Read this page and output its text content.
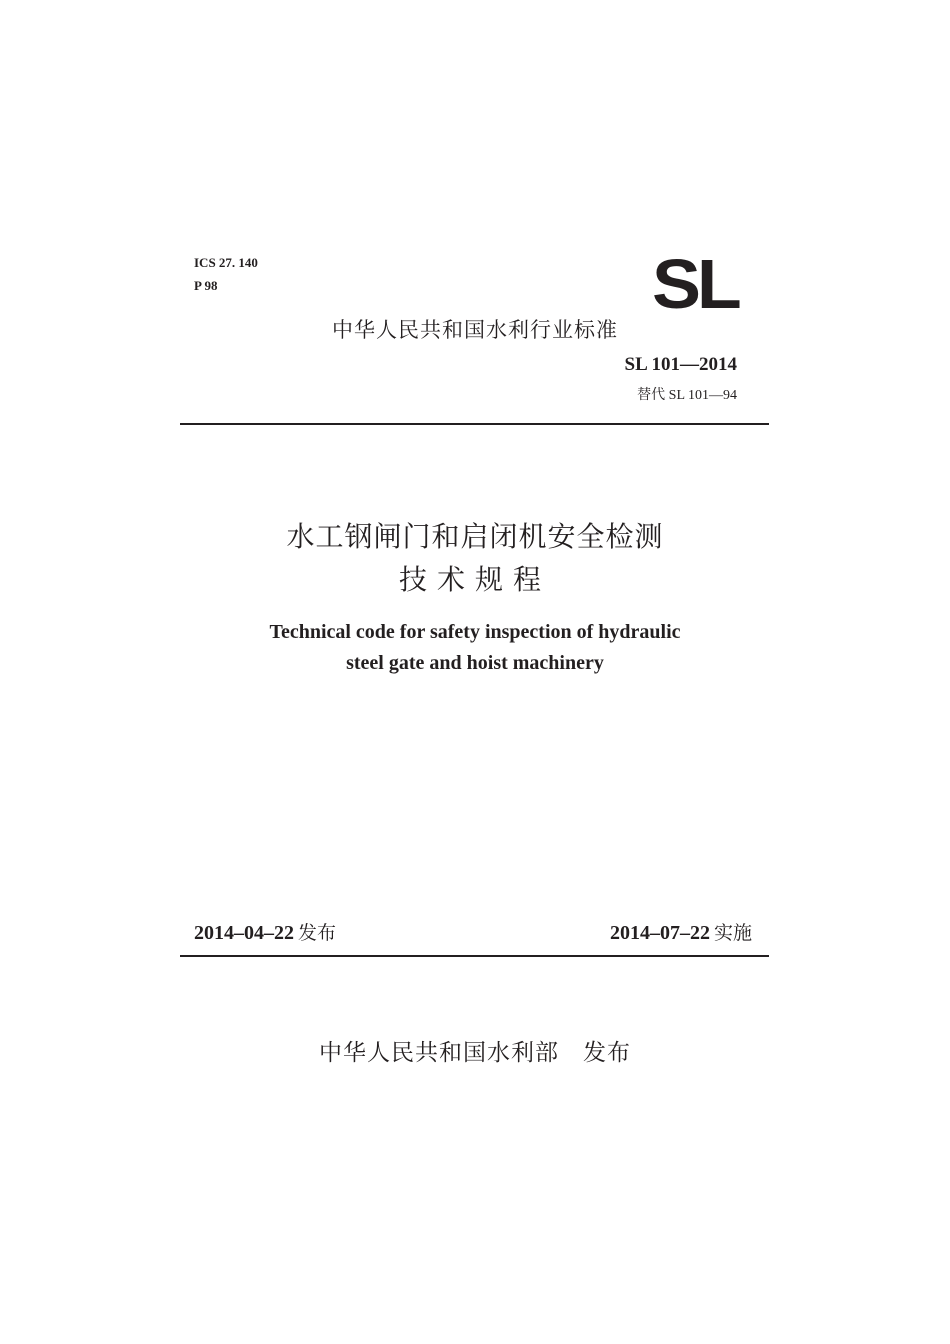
ICS 27. 140
P 98	SL
中华人民共和国水利行业标准
SL 101—2014
替代 SL 101—94
水工钢闸门和启闭机安全检测
技术规程
Technical code for safety inspection of hydraulic
steel gate and hoist machinery
2014–04–22 发布	2014–07–22 实施
中华人民共和国水利部　发布
